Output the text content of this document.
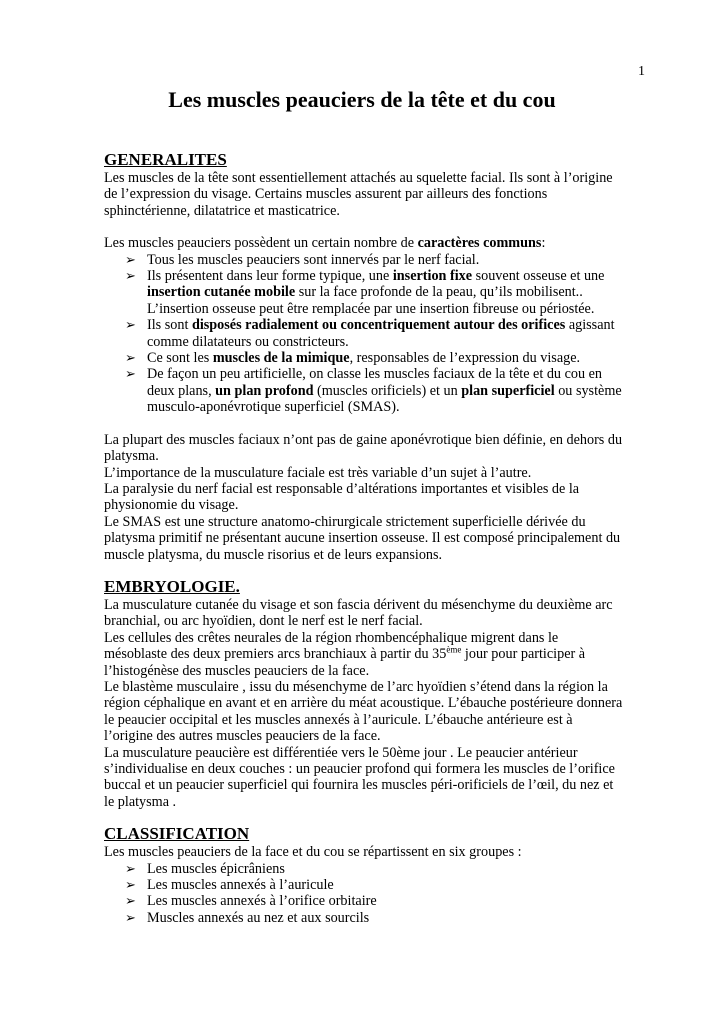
1
Les muscles peauciers de la tête et du cou
GENERALITES

Les muscles de la tête sont essentiellement attachés au squelette facial. Ils sont à l’origine de l’expression du visage. Certains muscles assurent par ailleurs des fonctions sphinctérienne, dilatatrice et masticatrice.

Les muscles peauciers possèdent un certain nombre de caractères communs:

➢ Tous les muscles peauciers sont innervés par le nerf facial.
➢ Ils présentent dans leur forme typique, une insertion fixe souvent osseuse et une insertion cutanée mobile sur la face profonde de la peau, qu’ils mobilisent.. L’insertion osseuse peut être remplacée par une insertion fibreuse ou périostée.
➢ Ils sont disposés radialement ou concentriquement autour des orifices agissant comme dilatateurs ou constricteurs.
➢ Ce sont les muscles de la mimique, responsables de l’expression du visage.
➢ De façon un peu artificielle, on classe les muscles faciaux de la tête et du cou en deux plans, un plan profond (muscles orificiels) et un plan superficiel ou système musculo-aponévrotique superficiel (SMAS).

La plupart des muscles faciaux n’ont pas de gaine aponévrotique bien définie, en dehors du platysma.

L’importance de la musculature faciale est très variable d’un sujet à l’autre.

La paralysie du nerf facial est responsable d’altérations importantes et visibles de la physionomie du visage.

Le SMAS est une structure anatomo-chirurgicale strictement superficielle dérivée du platysma primitif ne présentant aucune insertion osseuse. Il est composé principalement du muscle platysma, du muscle risorius et de leurs expansions.

EMBRYOLOGIE.

La musculature cutanée du visage et son fascia dérivent du mésenchyme du deuxième arc branchial, ou arc hyoïdien, dont le nerf est le nerf facial.

Les cellules des crêtes neurales de la région rhombencéphalique migrent dans le mésoblaste des deux premiers arcs branchiaux à partir du 35ème jour pour participer à l’histogénèse des muscles peauciers de la face.

Le blastème musculaire , issu du mésenchyme de l’arc hyoïdien s’étend dans la région la région céphalique en avant et en arrière du méat acoustique. L’ébauche postérieure donnera le peaucier occipital et les muscles annexés à l’auricule. L’ébauche antérieure est à l’origine des autres muscles peauciers de la face.

La musculature peaucière est différentiée vers le 50ème jour . Le peaucier antérieur s’individualise en deux couches : un peaucier profond qui formera les muscles de l’orifice buccal et un peaucier superficiel qui fournira les muscles péri-orificiels de l’œil, du nez et le platysma .

CLASSIFICATION

Les muscles peauciers de la face et du cou se répartissent en six groupes :

➢ Les muscles épicrâniens
➢ Les muscles annexés à l’auricule
➢ Les muscles annexés à l’orifice orbitaire
➢ Muscles annexés au nez et aux sourcils
